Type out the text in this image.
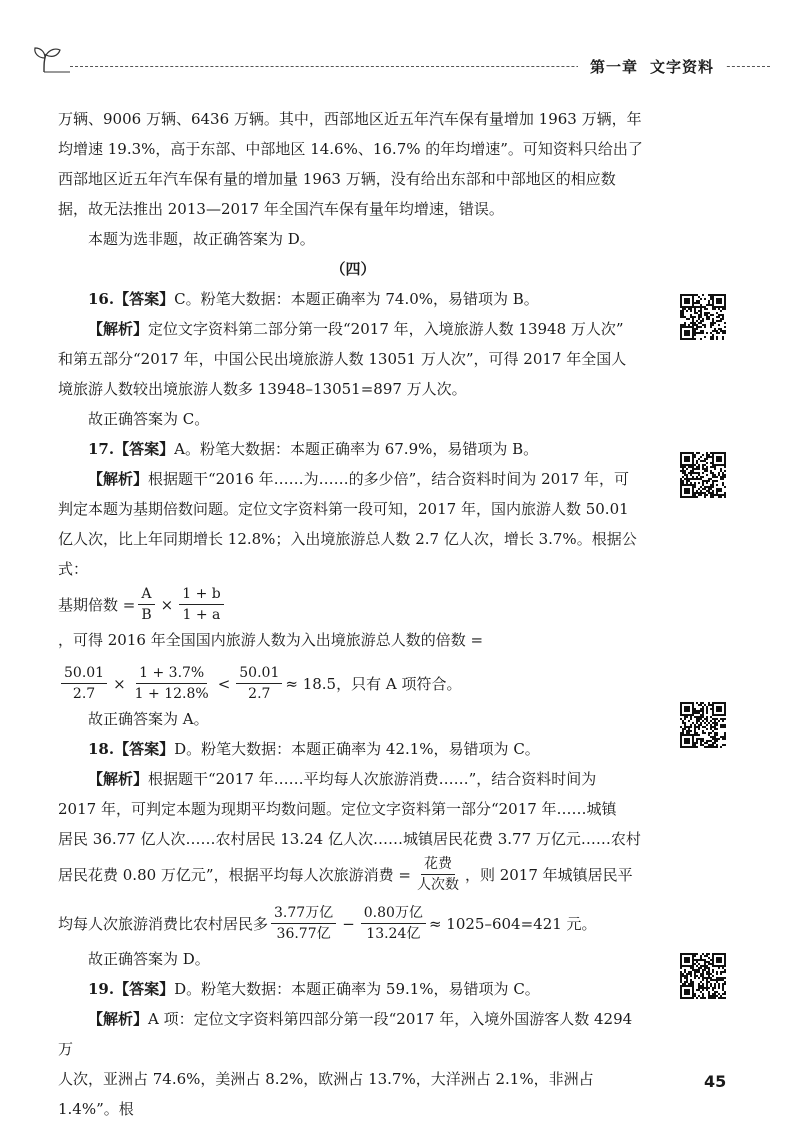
第一章 文字资料

万辆、9006 万辆、6436 万辆。其中，西部地区近五年汽车保有量增加 1963 万辆，年

均增速 19.3%，高于东部、中部地区 14.6%、16.7% 的年均增速”。可知资料只给出了

西部地区近五年汽车保有量的增加量 1963 万辆，没有给出东部和中部地区的相应数

据，故无法推出 2013—2017 年全国汽车保有量年均增速，错误。

本题为选非题，故正确答案为 D。

（四）

16.【答案】C。粉笔大数据：本题正确率为 74.0%，易错项为 B。

【解析】定位文字资料第二部分第一段“2017 年，入境旅游人数 13948 万人次”

和第五部分“2017 年，中国公民出境旅游人数 13051 万人次”，可得 2017 年全国人

境旅游人数较出境旅游人数多 13948–13051=897 万人次。

故正确答案为 C。

17.【答案】A。粉笔大数据：本题正确率为 67.9%，易错项为 B。

【解析】根据题干“2016 年……为……的多少倍”，结合资料时间为 2017 年，可

判定本题为基期倍数问题。定位文字资料第一段可知，2017 年，国内旅游人数 50.01

亿人次，比上年同期增长 12.8%；入出境旅游总人数 2.7 亿人次，增长 3.7%。根据公式：

基期倍数 = $\frac{A}{B} \times \frac{1 + b}{1 + a}$
，可得 2016 年全国国内旅游人数为入出境旅游总人数的倍数 =
$\frac{50.01}{2.7} \times \frac{1 + 3.7\%}{1 + 12.8\%} < \frac{50.01}{2.7} \approx 18.5$，只有 A 项符合。

故正确答案为 A。

18.【答案】D。粉笔大数据：本题正确率为 42.1%，易错项为 C。

【解析】根据题干“2017 年……平均每人次旅游消费……”，结合资料时间为

2017 年，可判定本题为现期平均数问题。定位文字资料第一部分“2017 年……城镇

居民 36.77 亿人次……农村居民 13.24 亿人次……城镇居民花费 3.77 万亿元……农村

居民花费 0.80 万亿元”，根据平均每人次旅游消费 = $\frac{\text{花费}}{\text{人次数}}$ ，则 2017 年城镇居民平
均每人次旅游消费比农村居民多 $\frac{\text{3.77万亿}}{\text{36.77亿}} - \frac{\text{0.80万亿}}{\text{13.24亿}} \approx 1025-604=421$ 元。

故正确答案为 D。

19.【答案】D。粉笔大数据：本题正确率为 59.1%，易错项为 C。

【解析】A 项：定位文字资料第四部分第一段“2017 年，入境外国游客人数 4294 万

人次，亚洲占 74.6%，美洲占 8.2%，欧洲占 13.7%，大洋洲占 2.1%，非洲占 1.4%”。根

45
